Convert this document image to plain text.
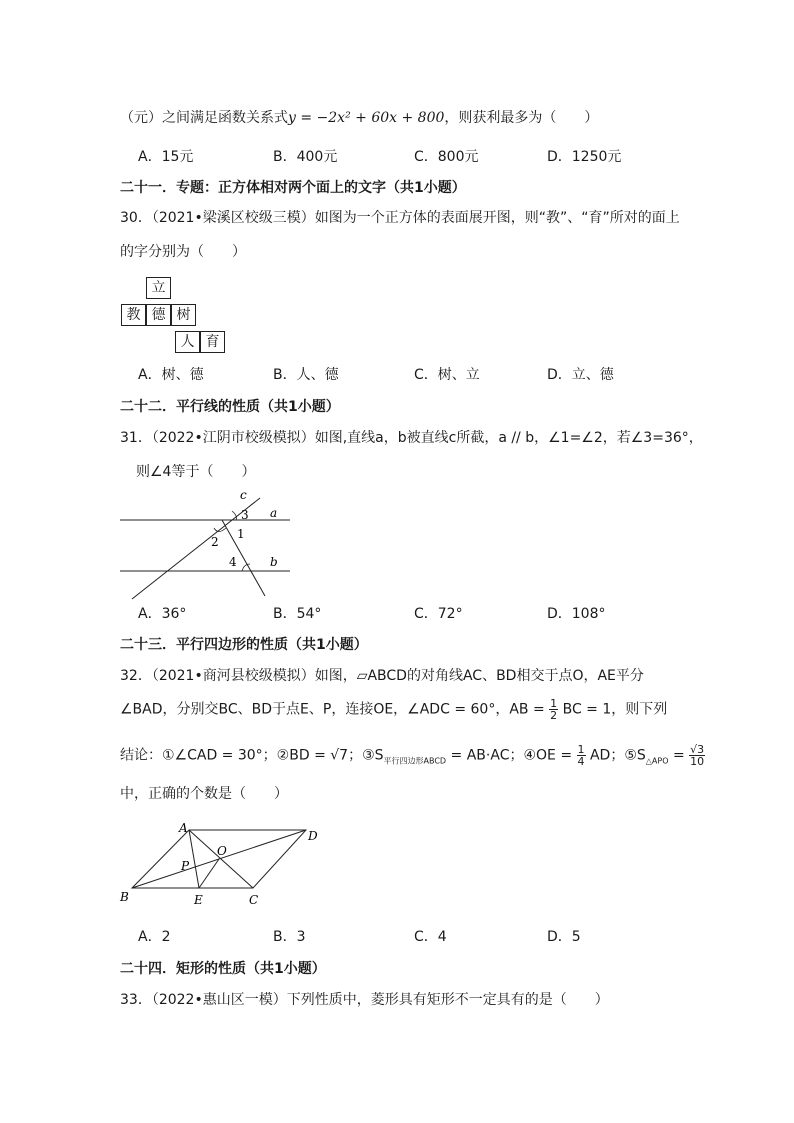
（元）之间满足函数关系式y = −2x² + 60x + 800，则获利最多为（　　）
A．15元	B．400元	C．800元	D．1250元
二十一．专题：正方体相对两个面上的文字（共1小题）
30．（2021•梁溪区校级三模）如图为一个正方体的表面展开图，则“教”、“育”所对的面上
的字分别为（　　）
立
教 德 树
人 育
A．树、德	B．人、德	C．树、立	D．立、德
二十二．平行线的性质（共1小题）
31．（2022•江阴市校级模拟）如图,直线a，b被直线c所截，a // b，∠1=∠2，若∠3=36°，
则∠4等于（　　）
c
a
b
3
1
2
4
A．36°	B．54°	C．72°	D．108°
二十三．平行四边形的性质（共1小题）
32．（2021•商河县校级模拟）如图，▱ABCD的对角线AC、BD相交于点O，AE平分
∠BAD，分别交BC、BD于点E、P，连接OE，∠ADC = 60°，AB = $\frac{1}{2}$ BC = 1，则下列
结论：①∠CAD = 30°；②BD = √7；$③S_{平行四边形ABCD} = AB\cdot AC$；④OE = $\frac{1}{4}$ AD；$⑤S_{\triangle APO} = \frac{√3}{10}$
中，正确的个数是（　　）
A
B	C
D
E
O
P
A．2	B．3	C．4	D．5
二十四．矩形的性质（共1小题）
33．（2022•惠山区一模）下列性质中，菱形具有矩形不一定具有的是（　　）
